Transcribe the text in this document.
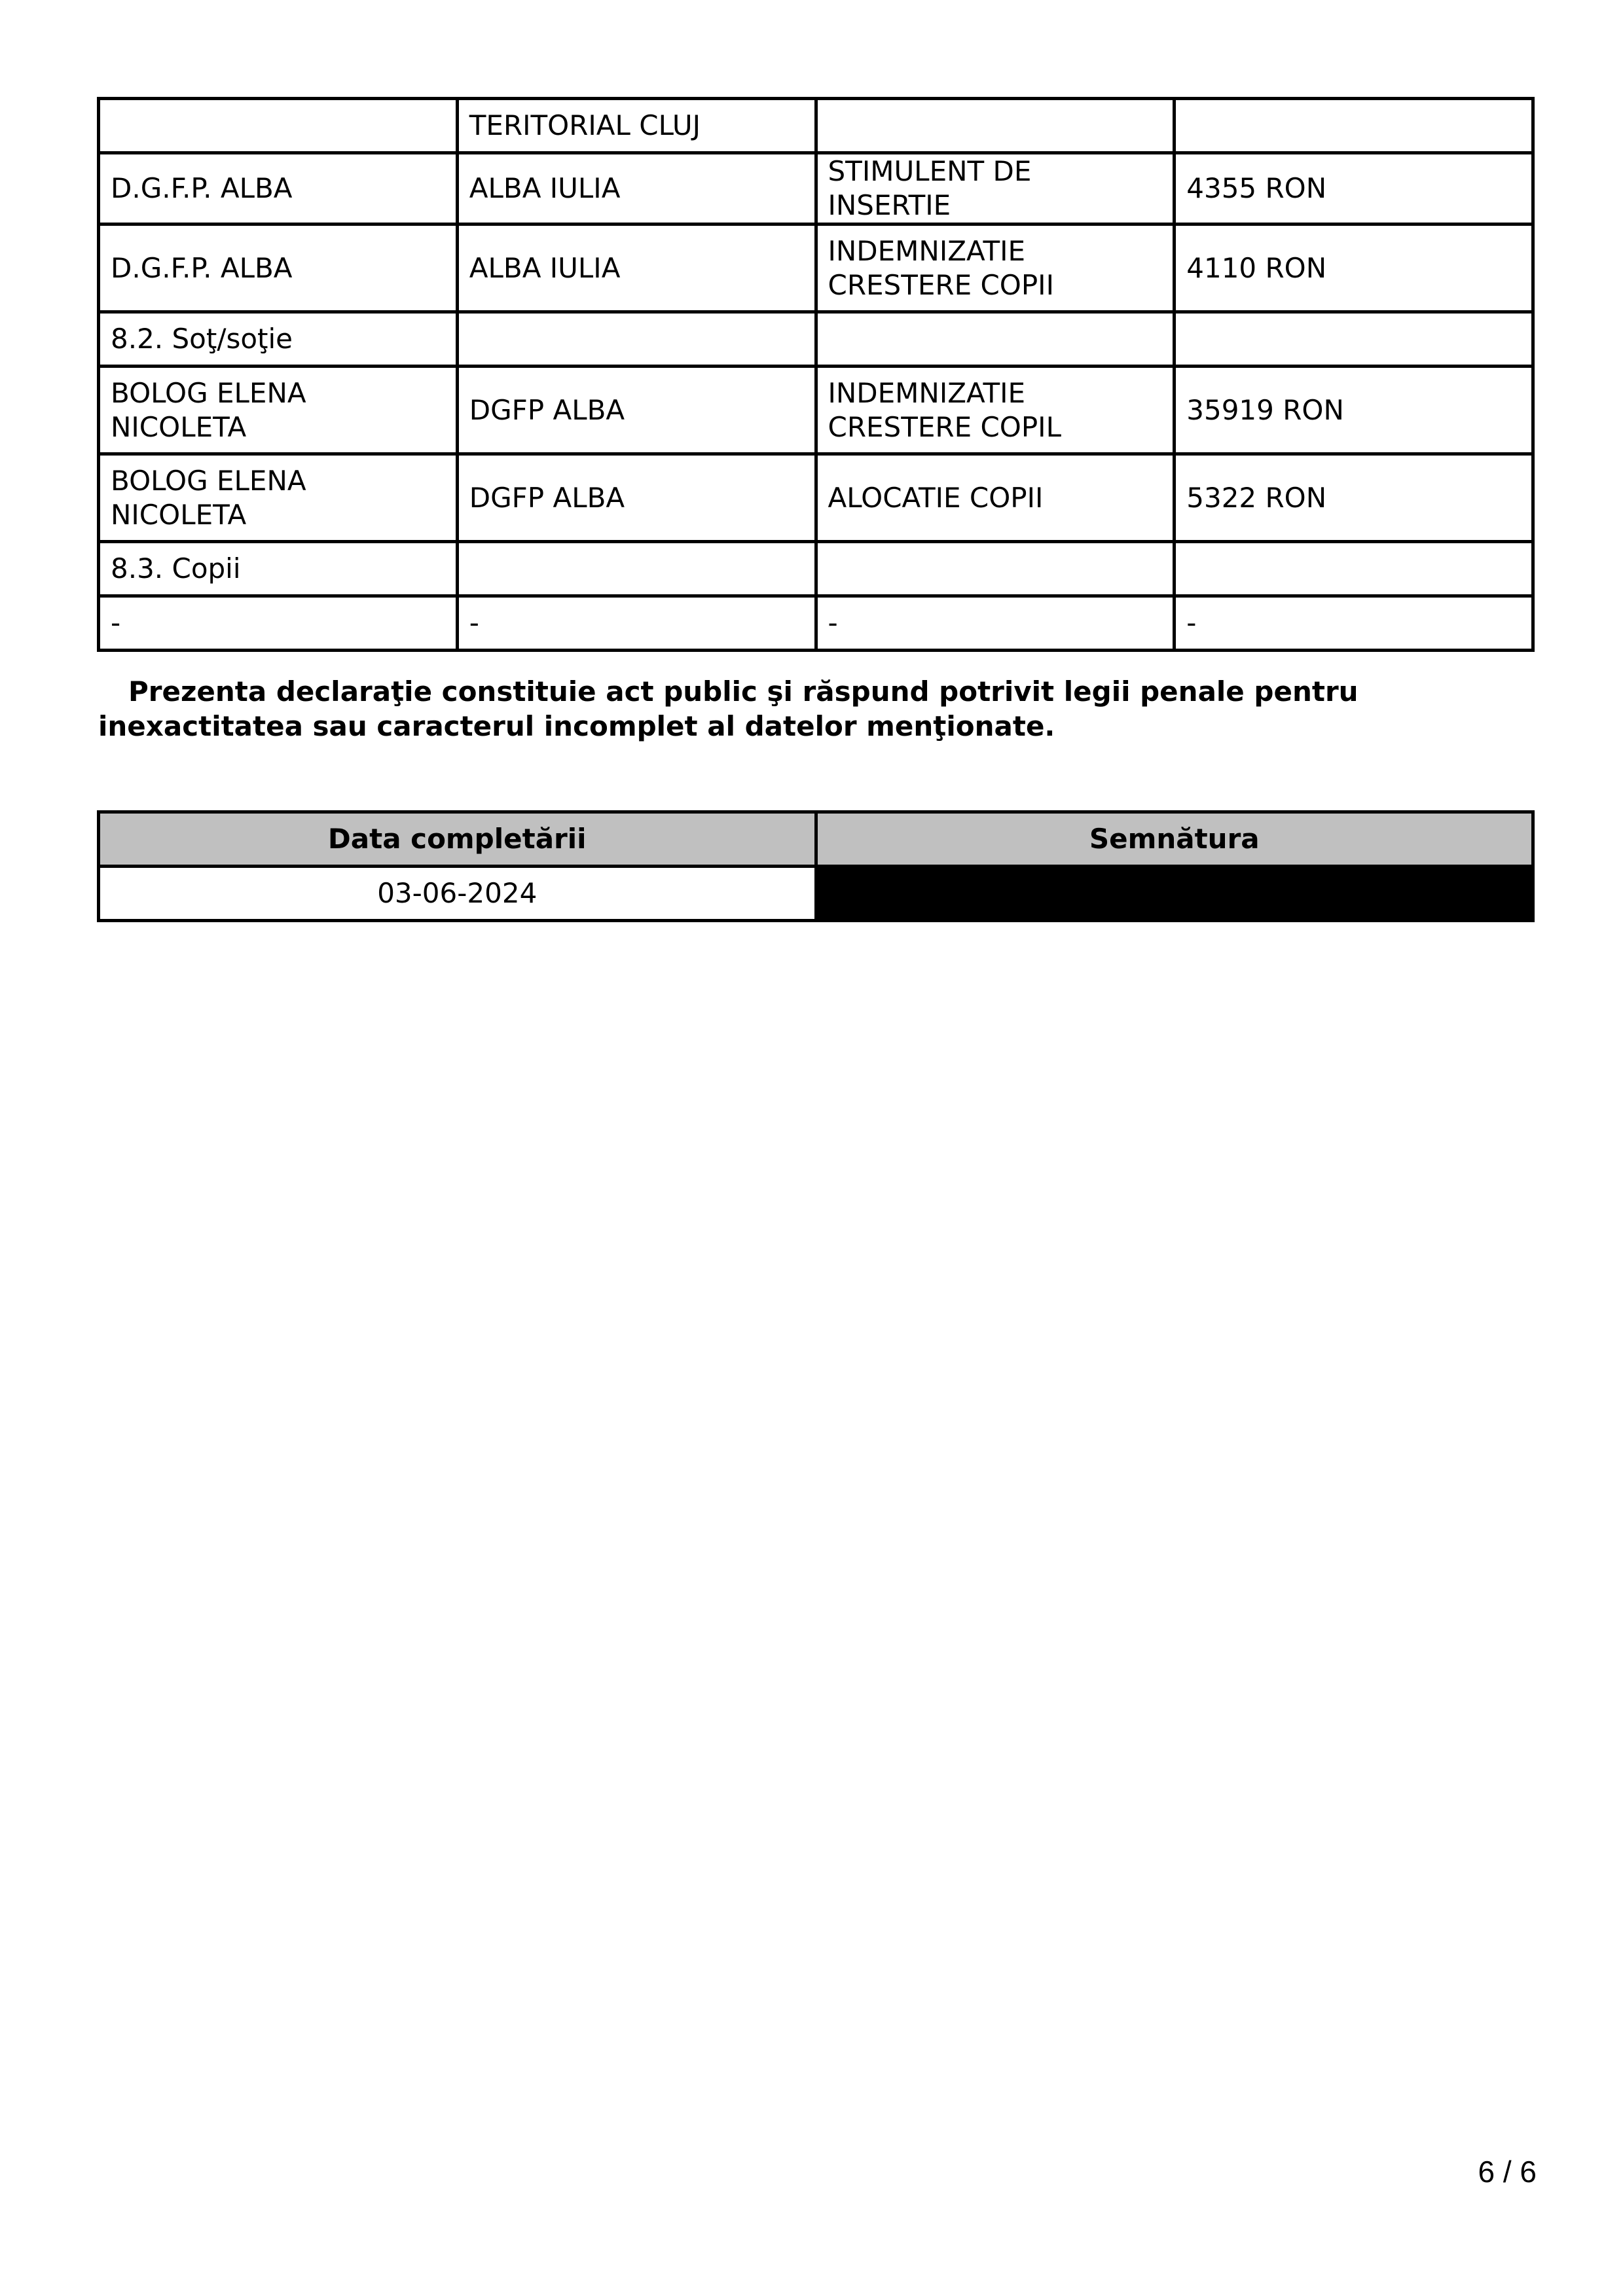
	TERITORIAL CLUJ		
D.G.F.P. ALBA	ALBA IULIA	STIMULENT DE INSERTIE	4355 RON
D.G.F.P. ALBA	ALBA IULIA	INDEMNIZATIE CRESTERE COPII	4110 RON
8.2. Soţ/soţie			
BOLOG ELENA NICOLETA	DGFP ALBA	INDEMNIZATIE CRESTERE COPIL	35919 RON
BOLOG ELENA NICOLETA	DGFP ALBA	ALOCATIE COPII	5322 RON
8.3. Copii			
-	-	-	-

Prezenta declaraţie constituie act public şi răspund potrivit legii penale pentru inexactitatea sau caracterul incomplet al datelor menţionate.

Data completării	Semnătura
03-06-2024	
6 / 6
